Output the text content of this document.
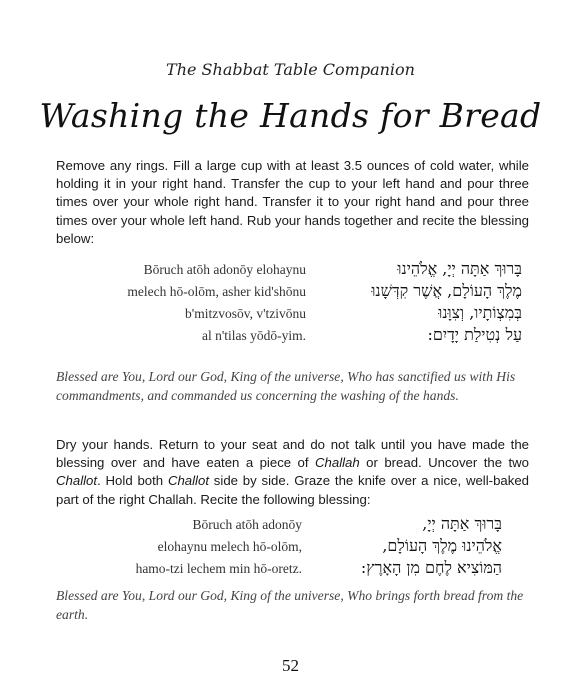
The Shabbat Table Companion
Washing the Hands for Bread
Remove any rings. Fill a large cup with at least 3.5 ounces of cold water, while holding it in your right hand. Transfer the cup to your left hand and pour three times over your whole right hand. Transfer it to your right hand and pour three times over your whole left hand. Rub your hands together and recite the blessing below:
Bōruch atōh adonōy elohaynu	בָּרוּךְ אַתָּה יְיָ, אֱלֹהֵינוּ
melech hō-olōm, asher kid'shōnu	מֶלֶךְ הָעוֹלָם, אֲשֶׁר קִדְּשָׁנוּ
b'mitzvosōv, v'tzivōnu	בְּמִצְוֹתָיו, וְצִוָּנוּ
al n'tilas yōdō-yim.	עַל נְטִילַת יָדָיִם:
Blessed are You, Lord our God, King of the universe, Who has sanctified us with His commandments, and commanded us concerning the washing of the hands.
Dry your hands. Return to your seat and do not talk until you have made the blessing over and have eaten a piece of Challah or bread. Uncover the two Challot. Hold both Challot side by side. Graze the knife over a nice, well-baked part of the right Challah. Recite the following blessing:
Bōruch atōh adonōy	בָּרוּךְ אַתָּה יְיָ,
elohaynu melech hō-olōm,	אֱלֹהֵינוּ מֶלֶךְ הָעוֹלָם,
hamo-tzi lechem min hō-oretz.	הַמּוֹצִיא לֶחֶם מִן הָאָרֶץ:
Blessed are You, Lord our God, King of the universe, Who brings forth bread from the earth.
52
